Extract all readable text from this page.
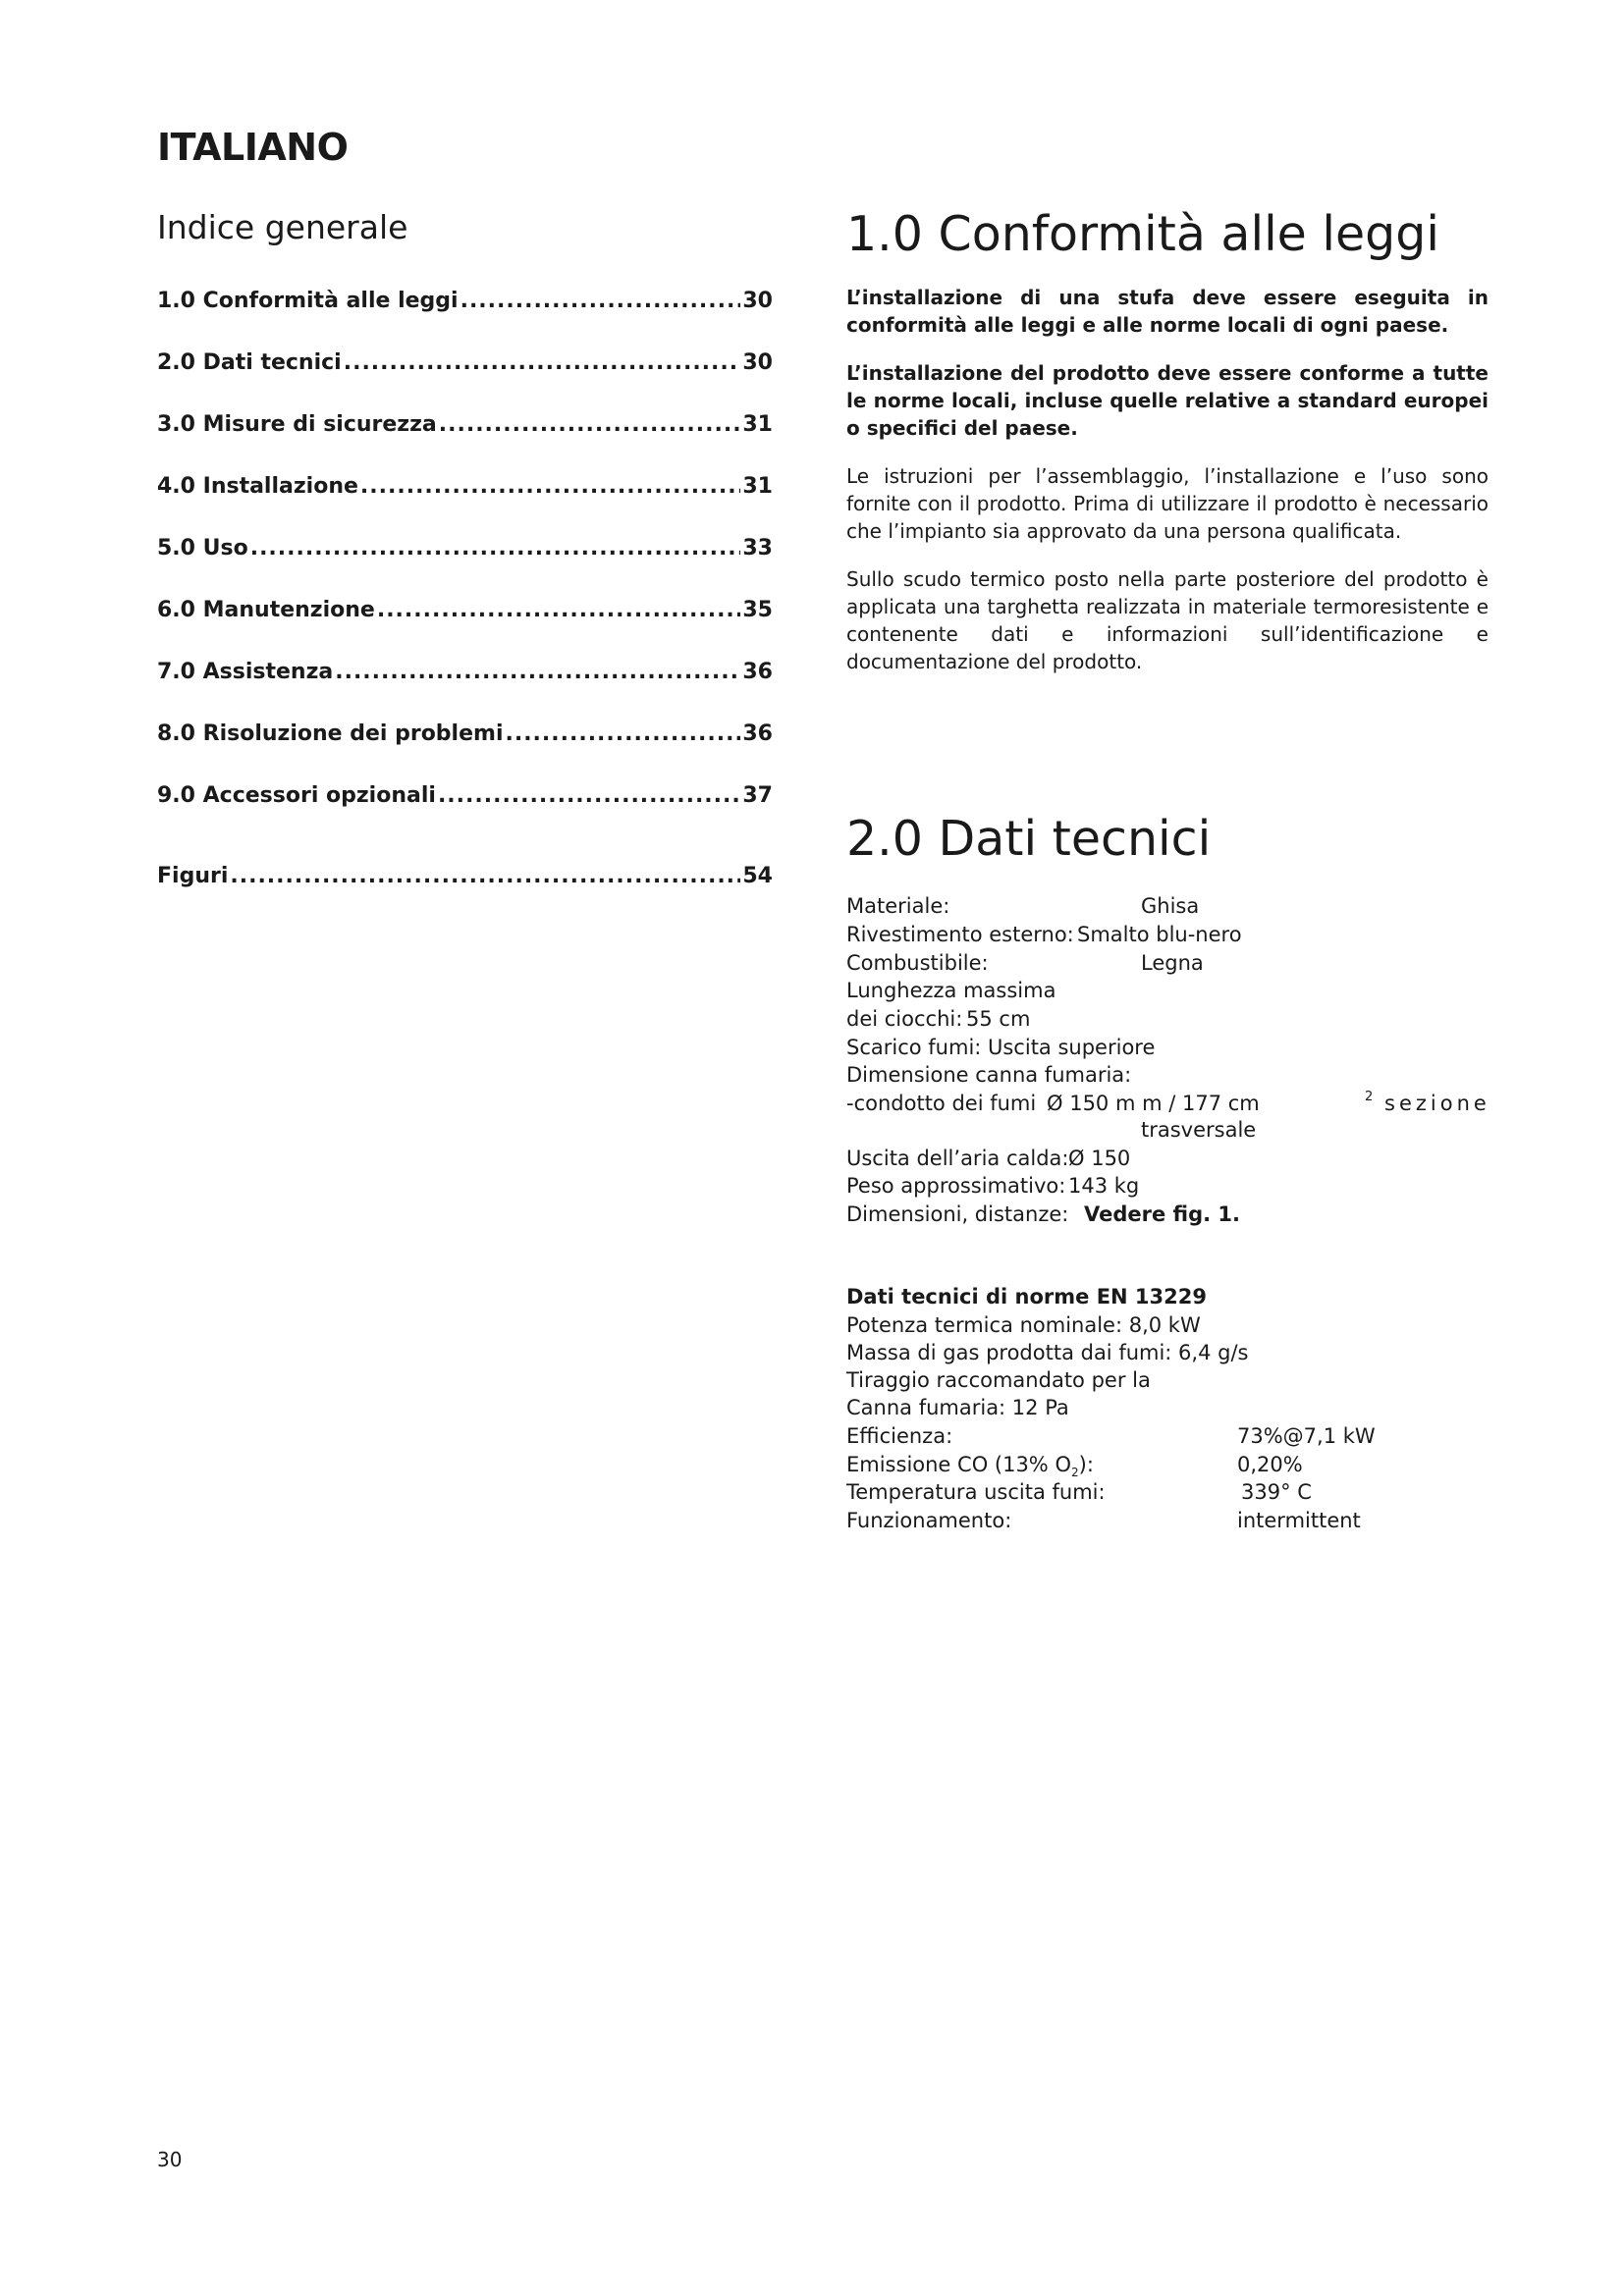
ITALIANO
Indice generale
1.0 Conformità alle leggi .....	30
2.0 Dati tecnici .....	30
3.0 Misure di sicurezza .....	31
4.0 Installazione .....	31
5.0 Uso .....	33
6.0 Manutenzione .....	35
7.0 Assistenza .....	36
8.0 Risoluzione dei problemi .....	36
9.0 Accessori opzionali .....	37
Figuri .....	54
1.0 Conformità alle leggi

L’installazione di una stufa deve essere eseguita in conformità alle leggi e alle norme locali di ogni paese.

L’installazione del prodotto deve essere conforme a tutte le norme locali, incluse quelle relative a standard europei o specifici del paese.

Le istruzioni per l’assemblaggio, l’installazione e l’uso sono fornite con il prodotto. Prima di utilizzare il prodotto è necessario che l’impianto sia approvato da una persona qualificata.

Sullo scudo termico posto nella parte posteriore del prodotto è applicata una targhetta realizzata in materiale termoresistente e contenente dati e informazioni sull’identificazione e documentazione del prodotto.

2.0 Dati tecnici
Materiale:	Ghisa
Rivestimento esterno: Smalto blu-nero
Combustibile:	Legna
Lunghezza massima
dei ciocchi: 55 cm
Scarico fumi: Uscita superiore
Dimensione canna fumaria:
-condotto dei fumi Ø 150 m m / 177 cm	2 sezione
trasversale
Uscita dell’aria calda: Ø 150
Peso approssimativo: 143 kg
Dimensioni, distanze: Vedere fig. 1.
Dati tecnici di norme EN 13229
Potenza termica nominale: 8,0 kW
Massa di gas prodotta dai fumi: 6,4 g/s
Tiraggio raccomandato per la
Canna fumaria: 12 Pa
Efficienza:	73%@7,1 kW
Emissione CO (13% $O_2$):	0,20%
Temperatura uscita fumi:	339° C
Funzionamento:	intermittent
30
